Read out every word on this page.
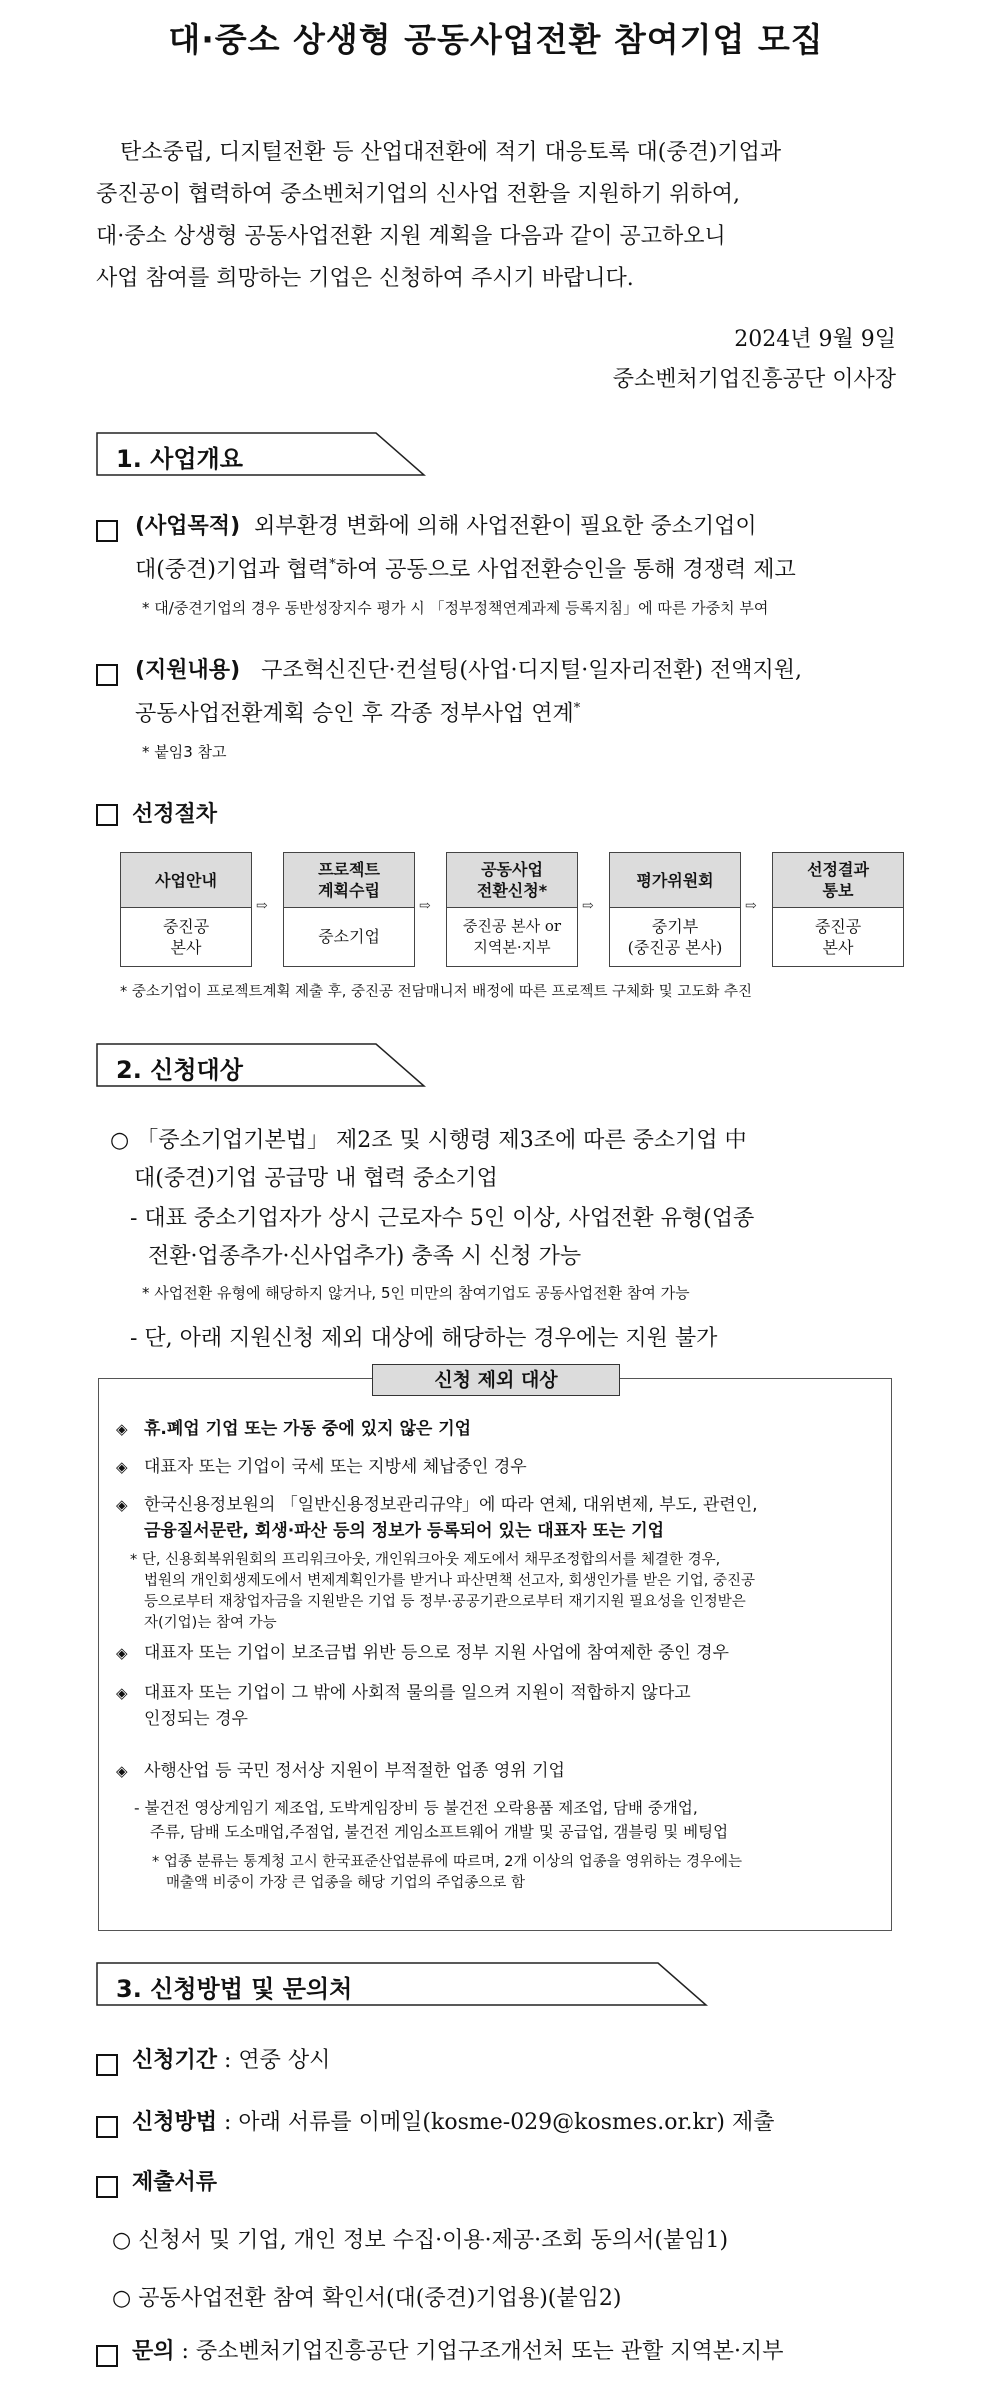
대·중소 상생형 공동사업전환 참여기업 모집
탄소중립, 디지털전환 등 산업대전환에 적기 대응토록 대(중견)기업과
중진공이 협력하여 중소벤처기업의 신사업 전환을 지원하기 위하여,
대·중소 상생형 공동사업전환 지원 계획을 다음과 같이 공고하오니
사업 참여를 희망하는 기업은 신청하여 주시기 바랍니다.
2024년 9월 9일
중소벤처기업진흥공단 이사장
1. 사업개요
(사업목적) 외부환경 변화에 의해 사업전환이 필요한 중소기업이
대(중견)기업과 협력*하여 공동으로 사업전환승인을 통해 경쟁력 제고
* 대/중견기업의 경우 동반성장지수 평가 시 「정부정책연계과제 등록지침」에 따른 가중치 부여
(지원내용) 구조혁신진단·컨설팅(사업·디지털·일자리전환) 전액지원,
공동사업전환계획 승인 후 각종 정부사업 연계*
* 붙임3 참고
선정절차
사업안내
중진공
본사
⇨
프로젝트
계획수립
중소기업
⇨
공동사업
전환신청*
중진공 본사 or
지역본·지부
⇨
평가위원회
중기부
(중진공 본사)
⇨
선정결과
통보
중진공
본사
* 중소기업이 프로젝트계획 제출 후, 중진공 전담매니저 배정에 따른 프로젝트 구체화 및 고도화 추진
2. 신청대상
○ 「중소기업기본법」 제2조 및 시행령 제3조에 따른 중소기업 中
대(중견)기업 공급망 내 협력 중소기업
- 대표 중소기업자가 상시 근로자수 5인 이상, 사업전환 유형(업종
전환·업종추가·신사업추가) 충족 시 신청 가능
* 사업전환 유형에 해당하지 않거나, 5인 미만의 참여기업도 공동사업전환 참여 가능
- 단, 아래 지원신청 제외 대상에 해당하는 경우에는 지원 불가
신청 제외 대상
◈ 휴.폐업 기업 또는 가동 중에 있지 않은 기업
◈ 대표자 또는 기업이 국세 또는 지방세 체납중인 경우
◈ 한국신용정보원의 「일반신용정보관리규약」에 따라 연체, 대위변제, 부도, 관련인,
금융질서문란, 회생·파산 등의 정보가 등록되어 있는 대표자 또는 기업
* 단, 신용회복위원회의 프리워크아웃, 개인워크아웃 제도에서 채무조정합의서를 체결한 경우,
법원의 개인회생제도에서 변제계획인가를 받거나 파산면책 선고자, 회생인가를 받은 기업, 중진공
등으로부터 재창업자금을 지원받은 기업 등 정부·공공기관으로부터 재기지원 필요성을 인정받은
자(기업)는 참여 가능
◈ 대표자 또는 기업이 보조금법 위반 등으로 정부 지원 사업에 참여제한 중인 경우
◈ 대표자 또는 기업이 그 밖에 사회적 물의를 일으켜 지원이 적합하지 않다고
인정되는 경우
◈ 사행산업 등 국민 정서상 지원이 부적절한 업종 영위 기업
- 불건전 영상게임기 제조업, 도박게임장비 등 불건전 오락용품 제조업, 담배 중개업,
주류, 담배 도소매업,주점업, 불건전 게임소프트웨어 개발 및 공급업, 갬블링 및 베팅업
* 업종 분류는 통계청 고시 한국표준산업분류에 따르며, 2개 이상의 업종을 영위하는 경우에는
매출액 비중이 가장 큰 업종을 해당 기업의 주업종으로 함
3. 신청방법 및 문의처
신청기간 : 연중 상시
신청방법 : 아래 서류를 이메일(kosme-029@kosmes.or.kr) 제출
제출서류
○ 신청서 및 기업, 개인 정보 수집·이용·제공·조회 동의서(붙임1)
○ 공동사업전환 참여 확인서(대(중견)기업용)(붙임2)
문의 : 중소벤처기업진흥공단 기업구조개선처 또는 관할 지역본·지부
